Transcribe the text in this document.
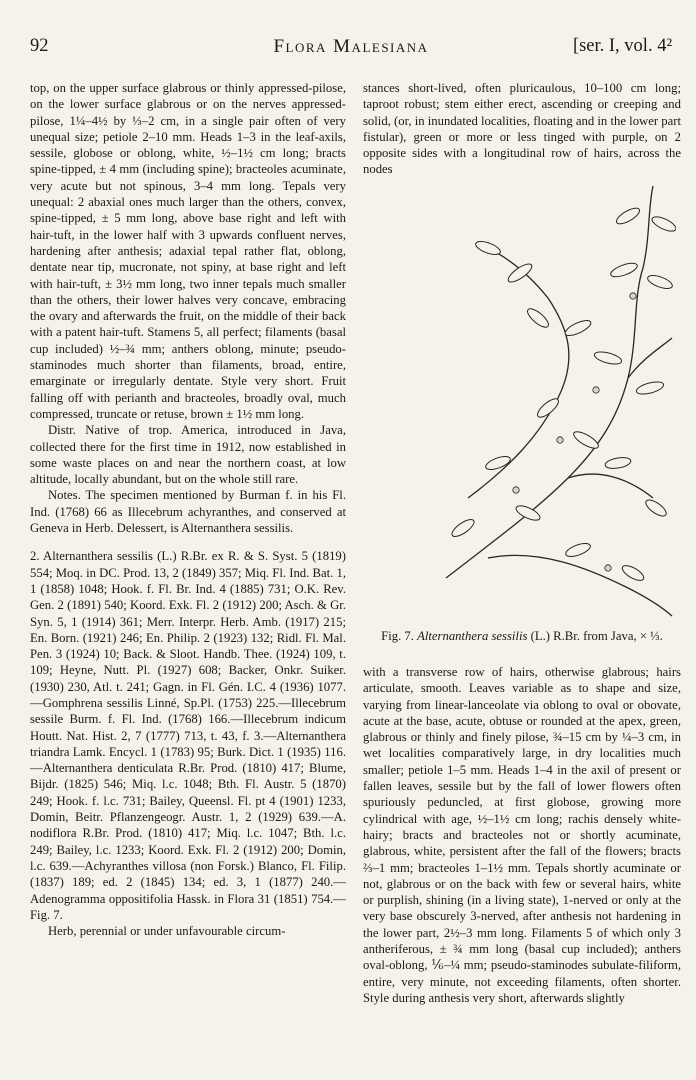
92	Flora Malesiana	[ser. I, vol. 4²

top, on the upper surface glabrous or thinly appressed-pilose, on the lower surface glabrous or on the nerves appressed-pilose, 1¼–4½ by ⅓–2 cm, in a single pair often of very unequal size; petiole 2–10 mm. Heads 1–3 in the leaf-axils, sessile, globose or oblong, white, ½–1½ cm long; bracts spine-tipped, ± 4 mm (including spine); bracteoles acuminate, very acute but not spinous, 3–4 mm long. Tepals very unequal: 2 abaxial ones much larger than the others, convex, spine-tipped, ± 5 mm long, above base right and left with hair-tuft, in the lower half with 3 upwards confluent nerves, hardening after anthesis; adaxial tepal rather flat, oblong, dentate near tip, mucronate, not spiny, at base right and left with hair-tuft, ± 3½ mm long, two inner tepals much smaller than the others, their lower halves very concave, embracing the ovary and afterwards the fruit, on the middle of their back with a patent hair-tuft. Stamens 5, all perfect; filaments (basal cup included) ½–¾ mm; anthers oblong, minute; pseudo-staminodes much shorter than filaments, broad, entire, emarginate or irregularly dentate. Style very short. Fruit falling off with perianth and bracteoles, broadly oval, much compressed, truncate or retuse, brown ± 1½ mm long.

Distr. Native of trop. America, introduced in Java, collected there for the first time in 1912, now established in some waste places on and near the northern coast, at low altitude, locally abundant, but on the whole still rare.

Notes. The specimen mentioned by Burman f. in his Fl. Ind. (1768) 66 as Illecebrum achyranthes, and conserved at Geneva in Herb. Delessert, is Alternanthera sessilis.

2. Alternanthera sessilis (L.) R.Br. ex R. & S. Syst. 5 (1819) 554; Moq. in DC. Prod. 13, 2 (1849) 357; Miq. Fl. Ind. Bat. 1, 1 (1858) 1048; Hook. f. Fl. Br. Ind. 4 (1885) 731; O.K. Rev. Gen. 2 (1891) 540; Koord. Exk. Fl. 2 (1912) 200; Asch. & Gr. Syn. 5, 1 (1914) 361; Merr. Interpr. Herb. Amb. (1917) 215; En. Born. (1921) 246; En. Philip. 2 (1923) 132; Ridl. Fl. Mal. Pen. 3 (1924) 10; Back. & Sloot. Handb. Thee. (1924) 109, t. 109; Heyne, Nutt. Pl. (1927) 608; Backer, Onkr. Suiker. (1930) 230, Atl. t. 241; Gagn. in Fl. Gén. I.C. 4 (1936) 1077.—Gomphrena sessilis Linné, Sp.Pl. (1753) 225.—Illecebrum sessile Burm. f. Fl. Ind. (1768) 166.—Illecebrum indicum Houtt. Nat. Hist. 2, 7 (1777) 713, t. 43, f. 3.—Alternanthera triandra Lamk. Encycl. 1 (1783) 95; Burk. Dict. 1 (1935) 116.—Alternanthera denticulata R.Br. Prod. (1810) 417; Blume, Bijdr. (1825) 546; Miq. l.c. 1048; Bth. Fl. Austr. 5 (1870) 249; Hook. f. l.c. 731; Bailey, Queensl. Fl. pt 4 (1901) 1233, Domin, Beitr. Pflanzengeogr. Austr. 1, 2 (1929) 639.—A. nodiflora R.Br. Prod. (1810) 417; Miq. l.c. 1047; Bth. l.c. 249; Bailey, l.c. 1233; Koord. Exk. Fl. 2 (1912) 200; Domin, l.c. 639.—Achyranthes villosa (non Forsk.) Blanco, Fl. Filip. (1837) 189; ed. 2 (1845) 134; ed. 3, 1 (1877) 240.—Adenogramma oppositifolia Hassk. in Flora 31 (1851) 754.—Fig. 7.

Herb, perennial or under unfavourable circum-

stances short-lived, often pluricaulous, 10–100 cm long; taproot robust; stem either erect, ascending or creeping and solid, (or, in inundated localities, floating and in the lower part fistular), green or more or less tinged with purple, on 2 opposite sides with a longitudinal row of hairs, across the nodes

Fig. 7. Alternanthera sessilis (L.) R.Br. from Java, × ⅓.

with a transverse row of hairs, otherwise glabrous; hairs articulate, smooth. Leaves variable as to shape and size, varying from linear-lanceolate via oblong to oval or obovate, acute at the base, acute, obtuse or rounded at the apex, green, glabrous or thinly and finely pilose, ¾–15 cm by ¼–3 cm, in wet localities comparatively large, in dry localities much smaller; petiole 1–5 mm. Heads 1–4 in the axil of present or fallen leaves, sessile but by the fall of lower flowers often spuriously peduncled, at first globose, growing more cylindrical with age, ½–1½ cm long; rachis densely white-hairy; bracts and bracteoles not or shortly acuminate, glabrous, white, persistent after the fall of the flowers; bracts ⅔–1 mm; bracteoles 1–1½ mm. Tepals shortly acuminate or not, glabrous or on the back with few or several hairs, white or purplish, shining (in a living state), 1-nerved or only at the very base obscurely 3-nerved, after anthesis not hardening in the lower part, 2½–3 mm long. Filaments 5 of which only 3 antheriferous, ± ¾ mm long (basal cup included); anthers oval-oblong, ⅙–¼ mm; pseudo-staminodes subulate-filiform, entire, very minute, not exceeding filaments, often shorter. Style during anthesis very short, afterwards slightly
